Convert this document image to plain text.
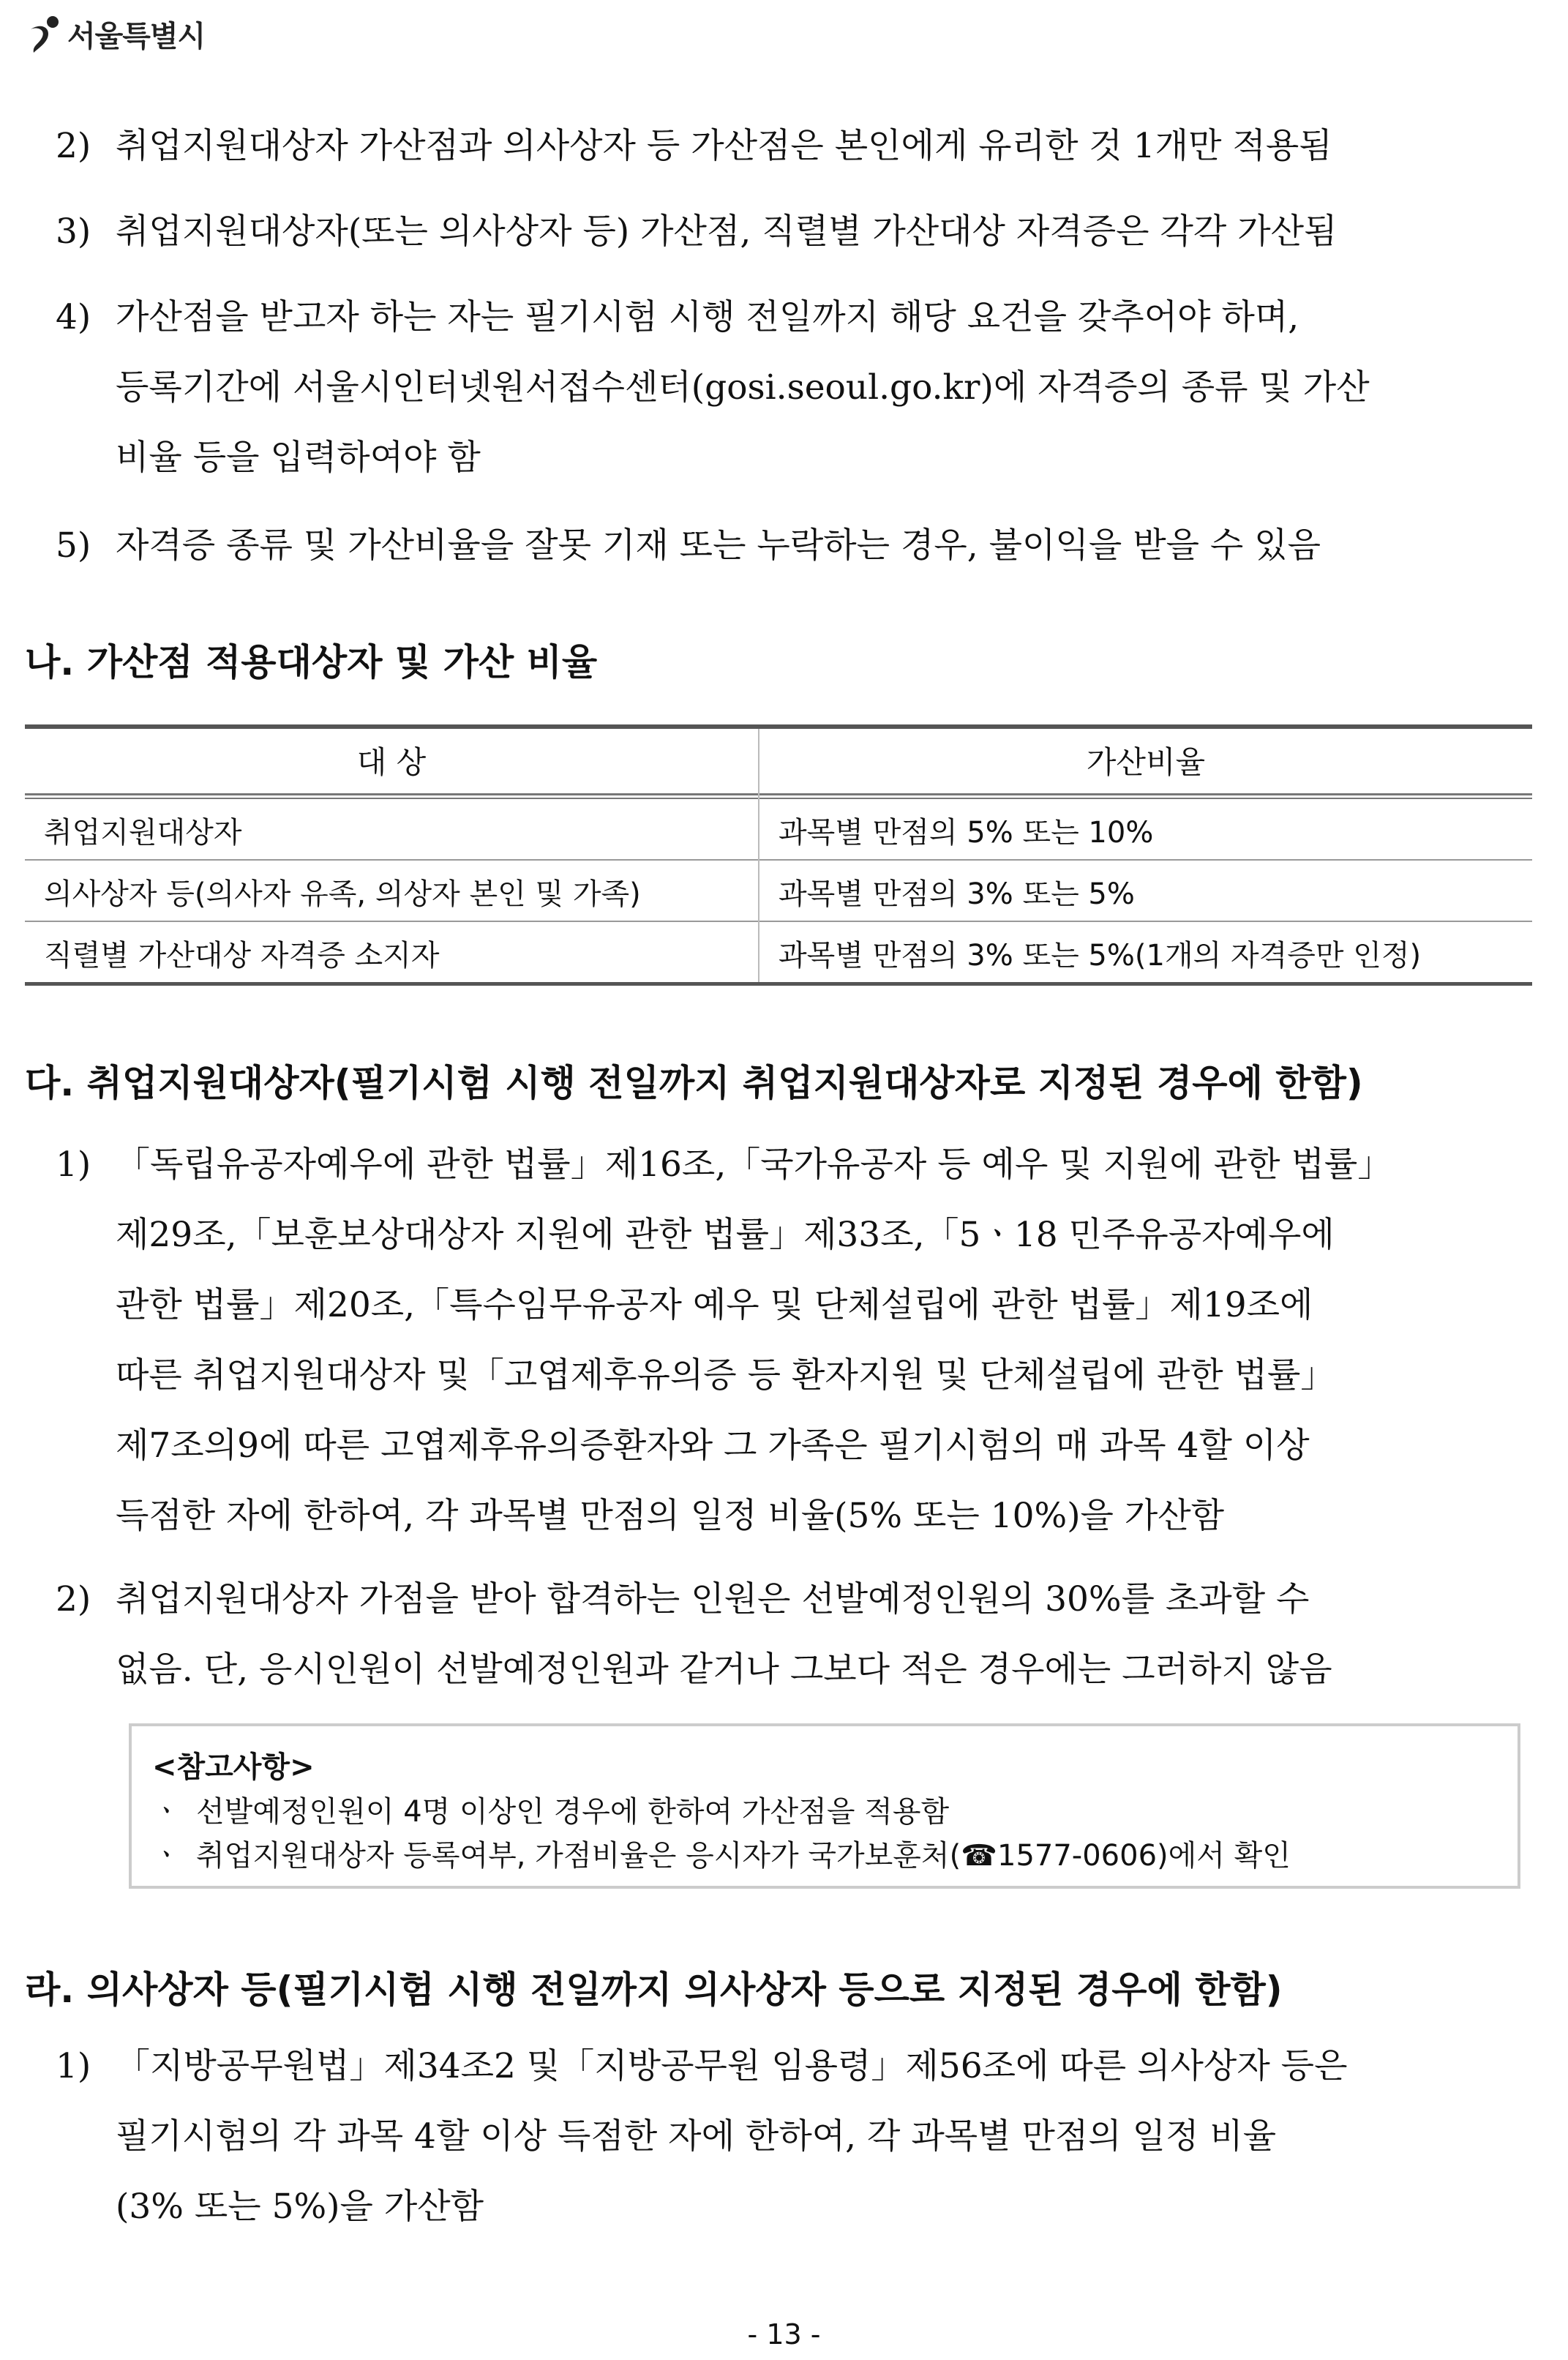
서울특별시
2) 취업지원대상자 가산점과 의사상자 등 가산점은 본인에게 유리한 것 1개만 적용됨
3) 취업지원대상자(또는 의사상자 등) 가산점, 직렬별 가산대상 자격증은 각각 가산됨
4) 가산점을 받고자 하는 자는 필기시험 시행 전일까지 해당 요건을 갖추어야 하며,
등록기간에 서울시인터넷원서접수센터(gosi.seoul.go.kr)에 자격증의 종류 및 가산
비율 등을 입력하여야 함
5) 자격증 종류 및 가산비율을 잘못 기재 또는 누락하는 경우, 불이익을 받을 수 있음
나. 가산점 적용대상자 및 가산 비율
대 상	가산비율
취업지원대상자	과목별 만점의 5% 또는 10%
의사상자 등(의사자 유족, 의상자 본인 및 가족)	과목별 만점의 3% 또는 5%
직렬별 가산대상 자격증 소지자	과목별 만점의 3% 또는 5%(1개의 자격증만 인정)
다. 취업지원대상자(필기시험 시행 전일까지 취업지원대상자로 지정된 경우에 한함)
1) 「독립유공자예우에 관한 법률」제16조,「국가유공자 등 예우 및 지원에 관한 법률」
제29조,「보훈보상대상자 지원에 관한 법률」제33조,「5ㆍ18 민주유공자예우에
관한 법률」제20조,「특수임무유공자 예우 및 단체설립에 관한 법률」제19조에
따른 취업지원대상자 및「고엽제후유의증 등 환자지원 및 단체설립에 관한 법률」
제7조의9에 따른 고엽제후유의증환자와 그 가족은 필기시험의 매 과목 4할 이상
득점한 자에 한하여, 각 과목별 만점의 일정 비율(5% 또는 10%)을 가산함
2) 취업지원대상자 가점을 받아 합격하는 인원은 선발예정인원의 30%를 초과할 수
없음. 단, 응시인원이 선발예정인원과 같거나 그보다 적은 경우에는 그러하지 않음
<참고사항>
ㆍ 선발예정인원이 4명 이상인 경우에 한하여 가산점을 적용함
ㆍ 취업지원대상자 등록여부, 가점비율은 응시자가 국가보훈처(☎1577-0606)에서 확인
라. 의사상자 등(필기시험 시행 전일까지 의사상자 등으로 지정된 경우에 한함)
1) 「지방공무원법」제34조2 및「지방공무원 임용령」제56조에 따른 의사상자 등은
필기시험의 각 과목 4할 이상 득점한 자에 한하여, 각 과목별 만점의 일정 비율
(3% 또는 5%)을 가산함
- 13 -
